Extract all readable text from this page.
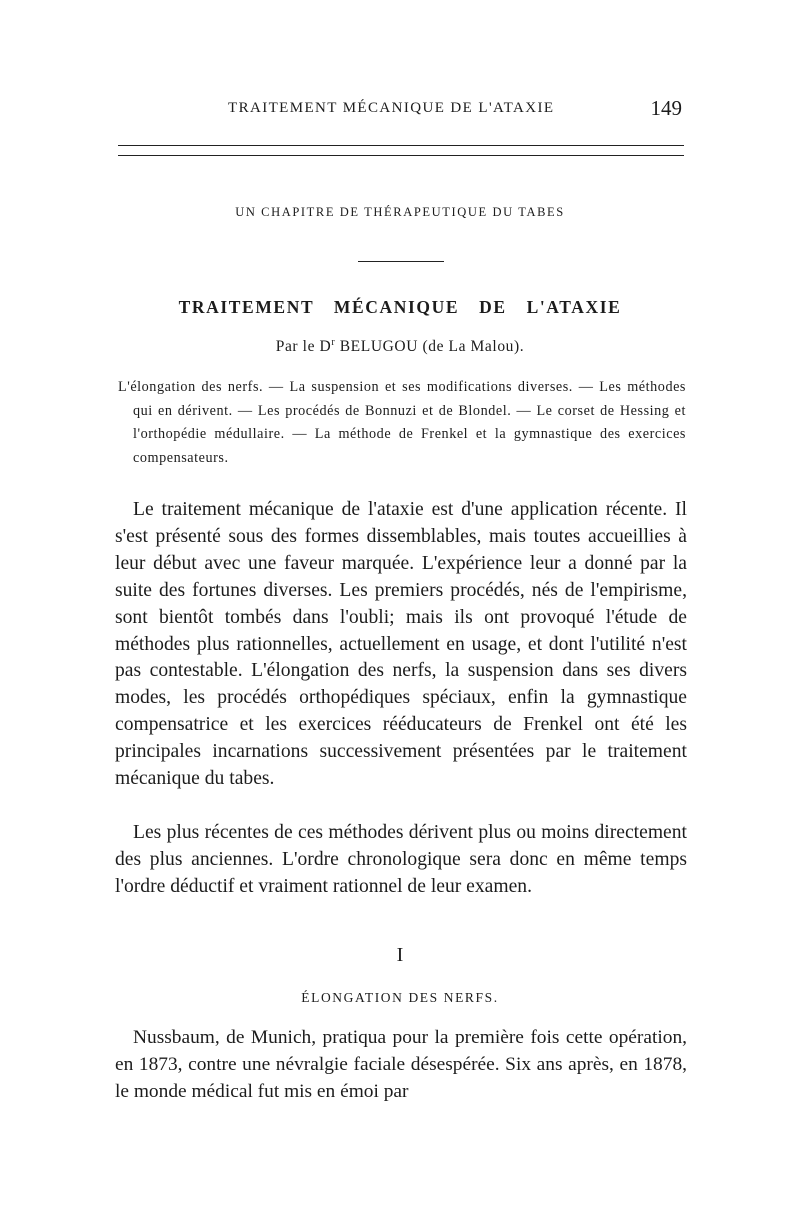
TRAITEMENT MÉCANIQUE DE L'ATAXIE	149
UN CHAPITRE DE THÉRAPEUTIQUE DU TABES
TRAITEMENT MÉCANIQUE DE L'ATAXIE
Par le $D^r$ BELUGOU (de La Malou).
L'élongation des nerfs. — La suspension et ses modifications diverses. — Les méthodes qui en dérivent. — Les procédés de Bonnuzi et de Blondel. — Le corset de Hessing et l'orthopédie médullaire. — La méthode de Frenkel et la gymnastique des exercices compensateurs.

Le traitement mécanique de l'ataxie est d'une application récente. Il s'est présenté sous des formes dissemblables, mais toutes accueillies à leur début avec une faveur marquée. L'expérience leur a donné par la suite des fortunes diverses. Les premiers procédés, nés de l'empirisme, sont bientôt tombés dans l'oubli; mais ils ont provoqué l'étude de méthodes plus rationnelles, actuellement en usage, et dont l'utilité n'est pas contestable. L'élongation des nerfs, la suspension dans ses divers modes, les procédés orthopédiques spéciaux, enfin la gymnastique compensatrice et les exercices rééducateurs de Frenkel ont été les principales incarnations successivement présentées par le traitement mécanique du tabes.

Les plus récentes de ces méthodes dérivent plus ou moins directement des plus anciennes. L'ordre chronologique sera donc en même temps l'ordre déductif et vraiment rationnel de leur examen.

I
ÉLONGATION DES NERFS.

Nussbaum, de Munich, pratiqua pour la première fois cette opération, en 1873, contre une névralgie faciale désespérée. Six ans après, en 1878, le monde médical fut mis en émoi par
